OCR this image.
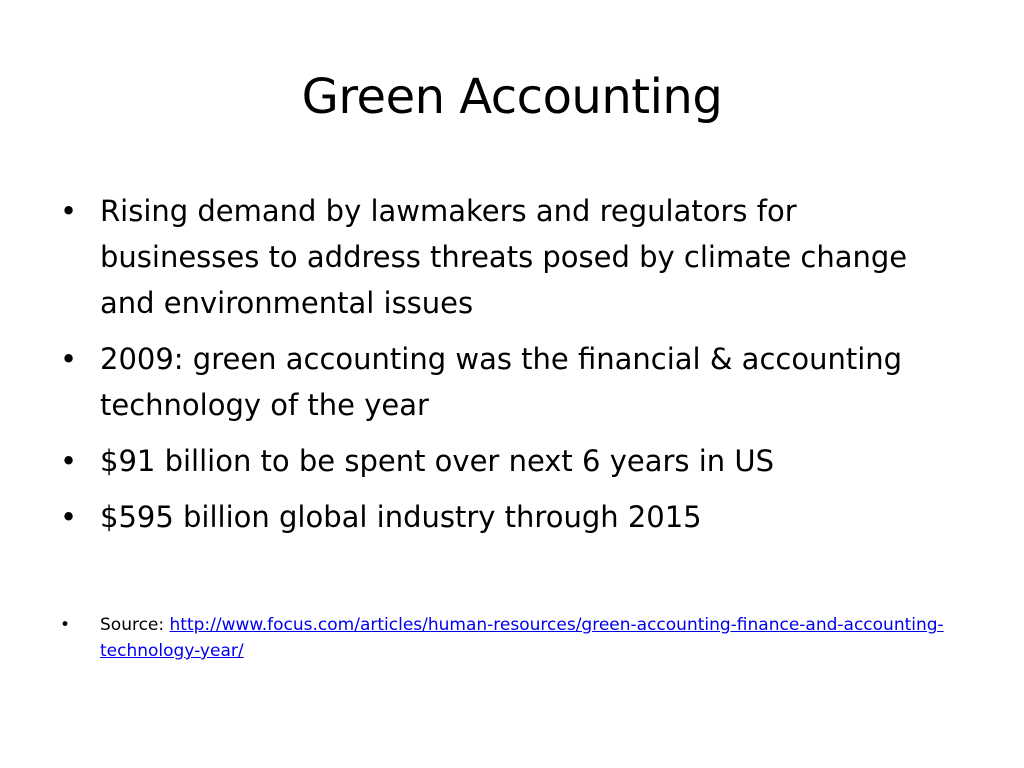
Green Accounting
• Rising demand by lawmakers and regulators for businesses to address threats posed by climate change and environmental issues
• 2009: green accounting was the financial & accounting technology of the year
• $91 billion to be spent over next 6 years in US
• $595 billion global industry through 2015
•	Source: http://www.focus.com/articles/human-resources/green-accounting-finance-and-accounting-technology-year/
